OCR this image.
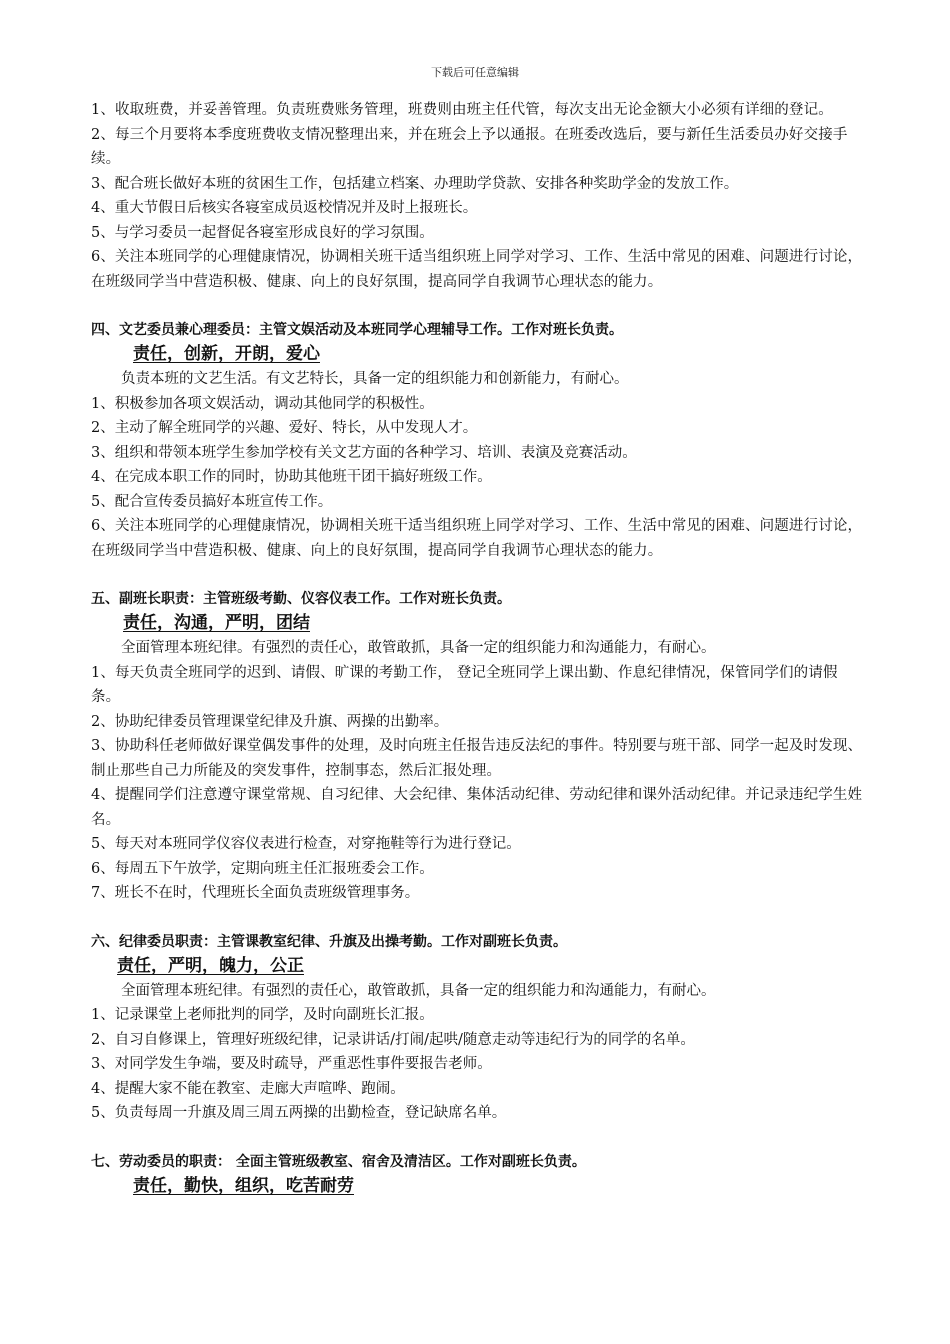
下载后可任意编辑
1、收取班费，并妥善管理。负责班费账务管理，班费则由班主任代管，每次支出无论金额大小必须有详细的登记。
2、每三个月要将本季度班费收支情况整理出来，并在班会上予以通报。在班委改选后，要与新任生活委员办好交接手续。
3、配合班长做好本班的贫困生工作，包括建立档案、办理助学贷款、安排各种奖助学金的发放工作。
4、重大节假日后核实各寝室成员返校情况并及时上报班长。
5、与学习委员一起督促各寝室形成良好的学习氛围。
6、关注本班同学的心理健康情况，协调相关班干适当组织班上同学对学习、工作、生活中常见的困难、问题进行讨论，在班级同学当中营造积极、健康、向上的良好氛围，提高同学自我调节心理状态的能力。
四、文艺委员兼心理委员：主管文娱活动及本班同学心理辅导工作。工作对班长负责。
责任，创新，开朗，爱心
负责本班的文艺生活。有文艺特长，具备一定的组织能力和创新能力，有耐心。
1、积极参加各项文娱活动，调动其他同学的积极性。
2、主动了解全班同学的兴趣、爱好、特长，从中发现人才。
3、组织和带领本班学生参加学校有关文艺方面的各种学习、培训、表演及竞赛活动。
4、在完成本职工作的同时，协助其他班干团干搞好班级工作。
5、配合宣传委员搞好本班宣传工作。
6、关注本班同学的心理健康情况，协调相关班干适当组织班上同学对学习、工作、生活中常见的困难、问题进行讨论，在班级同学当中营造积极、健康、向上的良好氛围，提高同学自我调节心理状态的能力。
五、副班长职责：主管班级考勤、仪容仪表工作。工作对班长负责。
责任，沟通，严明，团结
全面管理本班纪律。有强烈的责任心，敢管敢抓，具备一定的组织能力和沟通能力，有耐心。
1、每天负责全班同学的迟到、请假、旷课的考勤工作， 登记全班同学上课出勤、作息纪律情况，保管同学们的请假条。
2、协助纪律委员管理课堂纪律及升旗、两操的出勤率。
3、协助科任老师做好课堂偶发事件的处理，及时向班主任报告违反法纪的事件。特别要与班干部、同学一起及时发现、制止那些自己力所能及的突发事件，控制事态，然后汇报处理。
4、提醒同学们注意遵守课堂常规、自习纪律、大会纪律、集体活动纪律、劳动纪律和课外活动纪律。并记录违纪学生姓名。
5、每天对本班同学仪容仪表进行检查，对穿拖鞋等行为进行登记。
6、每周五下午放学，定期向班主任汇报班委会工作。
7、班长不在时，代理班长全面负责班级管理事务。
六、纪律委员职责：主管课教室纪律、升旗及出操考勤。工作对副班长负责。
责任，严明，魄力，公正
全面管理本班纪律。有强烈的责任心，敢管敢抓，具备一定的组织能力和沟通能力，有耐心。
1、记录课堂上老师批判的同学，及时向副班长汇报。
2、自习自修课上，管理好班级纪律，记录讲话/打闹/起哄/随意走动等违纪行为的同学的名单。
3、对同学发生争端，要及时疏导，严重恶性事件要报告老师。
4、提醒大家不能在教室、走廊大声喧哗、跑闹。
5、负责每周一升旗及周三周五两操的出勤检查，登记缺席名单。
七、劳动委员的职责： 全面主管班级教室、宿舍及清洁区。工作对副班长负责。
责任，勤快，组织，吃苦耐劳
